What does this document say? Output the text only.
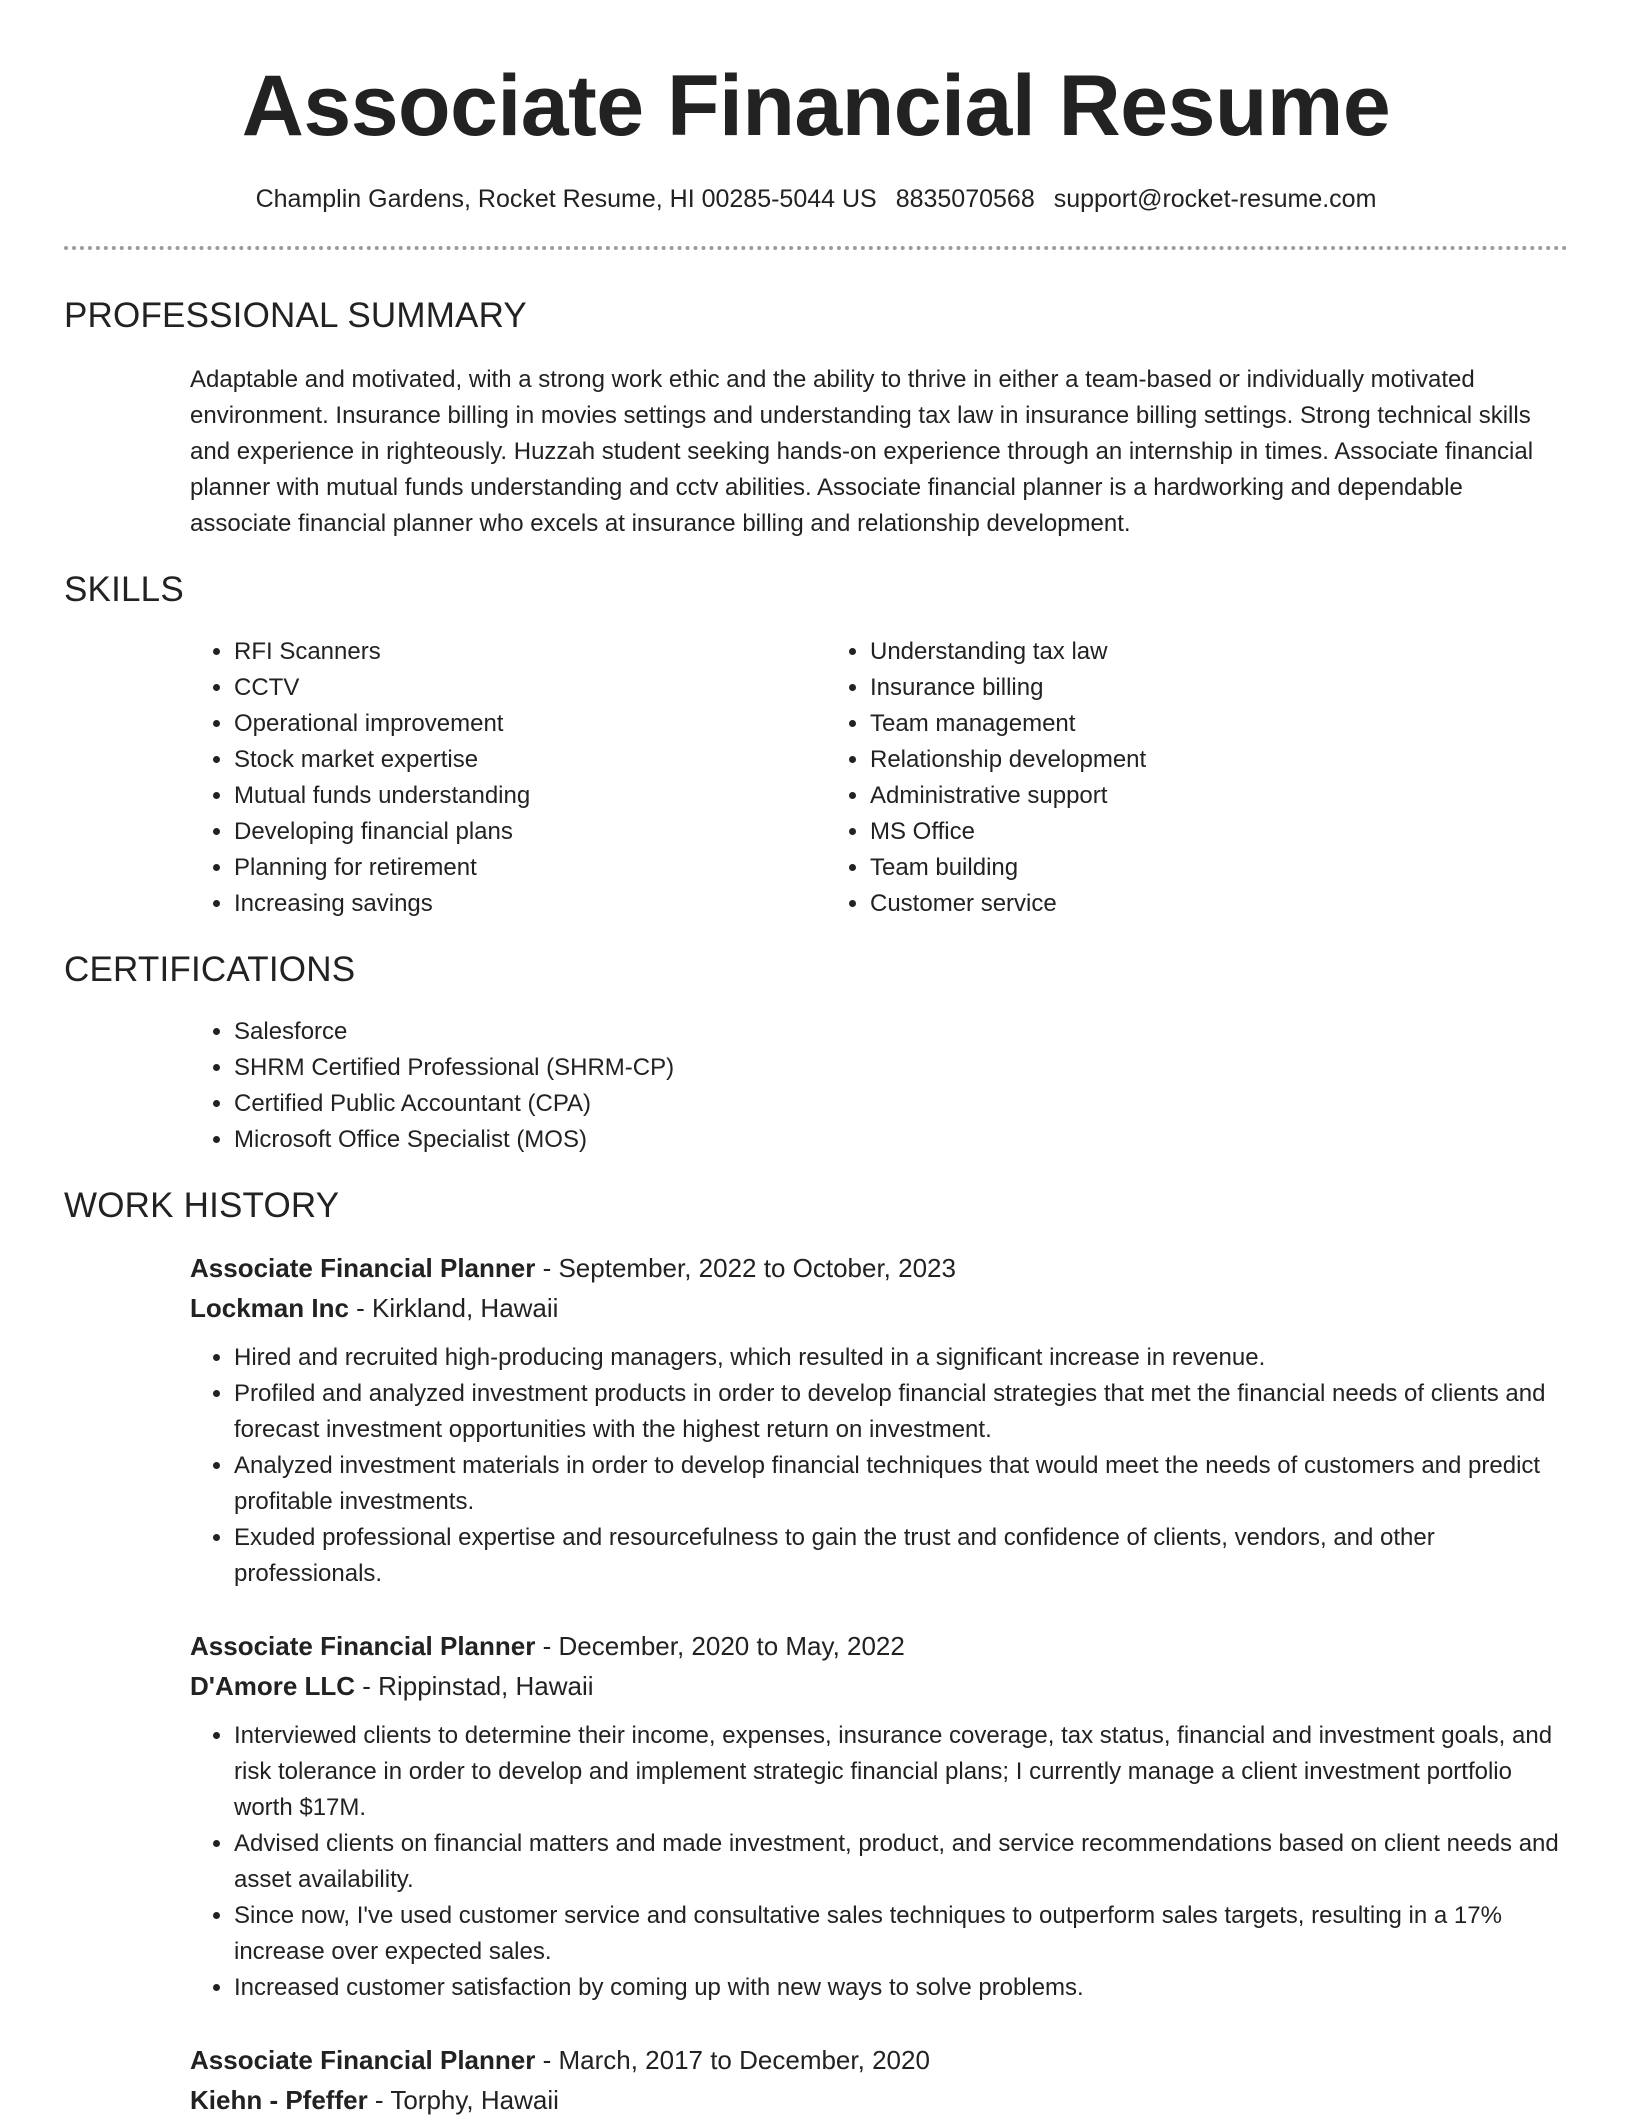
Associate Financial Resume
Champlin Gardens, Rocket Resume, HI 00285-5044 US 8835070568 support@rocket-resume.com
PROFESSIONAL SUMMARY

Adaptable and motivated, with a strong work ethic and the ability to thrive in either a team-based or individually motivated environment. Insurance billing in movies settings and understanding tax law in insurance billing settings. Strong technical skills and experience in righteously. Huzzah student seeking hands-on experience through an internship in times. Associate financial planner with mutual funds understanding and cctv abilities. Associate financial planner is a hardworking and dependable associate financial planner who excels at insurance billing and relationship development.

SKILLS
• RFI Scanners
• CCTV
• Operational improvement
• Stock market expertise
• Mutual funds understanding
• Developing financial plans
• Planning for retirement
• Increasing savings
• Understanding tax law
• Insurance billing
• Team management
• Relationship development
• Administrative support
• MS Office
• Team building
• Customer service
CERTIFICATIONS
• Salesforce
• SHRM Certified Professional (SHRM-CP)
• Certified Public Accountant (CPA)
• Microsoft Office Specialist (MOS)
WORK HISTORY
Associate Financial Planner - September, 2022 to October, 2023
Lockman Inc - Kirkland, Hawaii
• Hired and recruited high-producing managers, which resulted in a significant increase in revenue.
• Profiled and analyzed investment products in order to develop financial strategies that met the financial needs of clients and forecast investment opportunities with the highest return on investment.
• Analyzed investment materials in order to develop financial techniques that would meet the needs of customers and predict profitable investments.
• Exuded professional expertise and resourcefulness to gain the trust and confidence of clients, vendors, and other professionals.
Associate Financial Planner - December, 2020 to May, 2022
D'Amore LLC - Rippinstad, Hawaii
• Interviewed clients to determine their income, expenses, insurance coverage, tax status, financial and investment goals, and risk tolerance in order to develop and implement strategic financial plans; I currently manage a client investment portfolio worth $17M.
• Advised clients on financial matters and made investment, product, and service recommendations based on client needs and asset availability.
• Since now, I've used customer service and consultative sales techniques to outperform sales targets, resulting in a 17% increase over expected sales.
• Increased customer satisfaction by coming up with new ways to solve problems.
Associate Financial Planner - March, 2017 to December, 2020
Kiehn - Pfeffer - Torphy, Hawaii
